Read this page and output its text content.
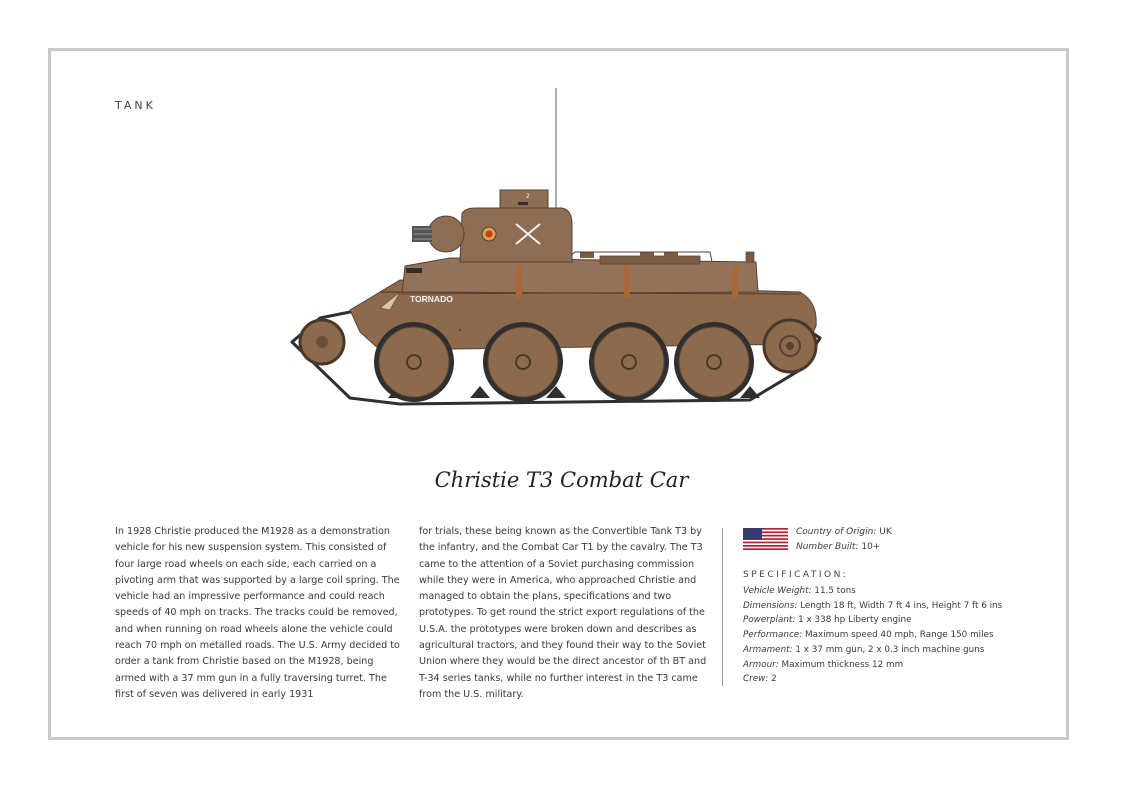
TANK
2
TORNADO
Christie T3 Combat Car

In 1928 Christie produced the M1928 as a demonstration vehicle for his new suspension system. This consisted of four large road wheels on each side, each carried on a pivoting arm that was supported by a large coil spring. The vehicle had an impressive performance and could reach speeds of 40 mph on tracks. The tracks could be removed, and when running on road wheels alone the vehicle could reach 70 mph on metalled roads. The U.S. Army decided to order a tank from Christie based on the M1928, being armed with a 37 mm gun in a fully traversing turret. The first of seven was delivered in early 1931

for trials, these being known as the Convertible Tank T3 by the infantry, and the Combat Car T1 by the cavalry. The T3 came to the attention of a Soviet purchasing commission while they were in America, who approached Christie and managed to obtain the plans, specifications and two prototypes. To get round the strict export regulations of the U.S.A. the prototypes were broken down and describes as agricultural tractors, and they found their way to the Soviet Union where they would be the direct ancestor of th BT and T-34 series tanks, while no further interest in the T3 came from the U.S. military.

Country of Origin: UK
Number Built: 10+
SPECIFICATION:
Vehicle Weight: 11.5 tons
Dimensions: Length 18 ft, Width 7 ft 4 ins, Height 7 ft 6 ins
Powerplant: 1 x 338 hp Liberty engine
Performance: Maximum speed 40 mph, Range 150 miles
Armament: 1 x 37 mm gun, 2 x 0.3 inch machine guns
Armour: Maximum thickness 12 mm
Crew: 2
